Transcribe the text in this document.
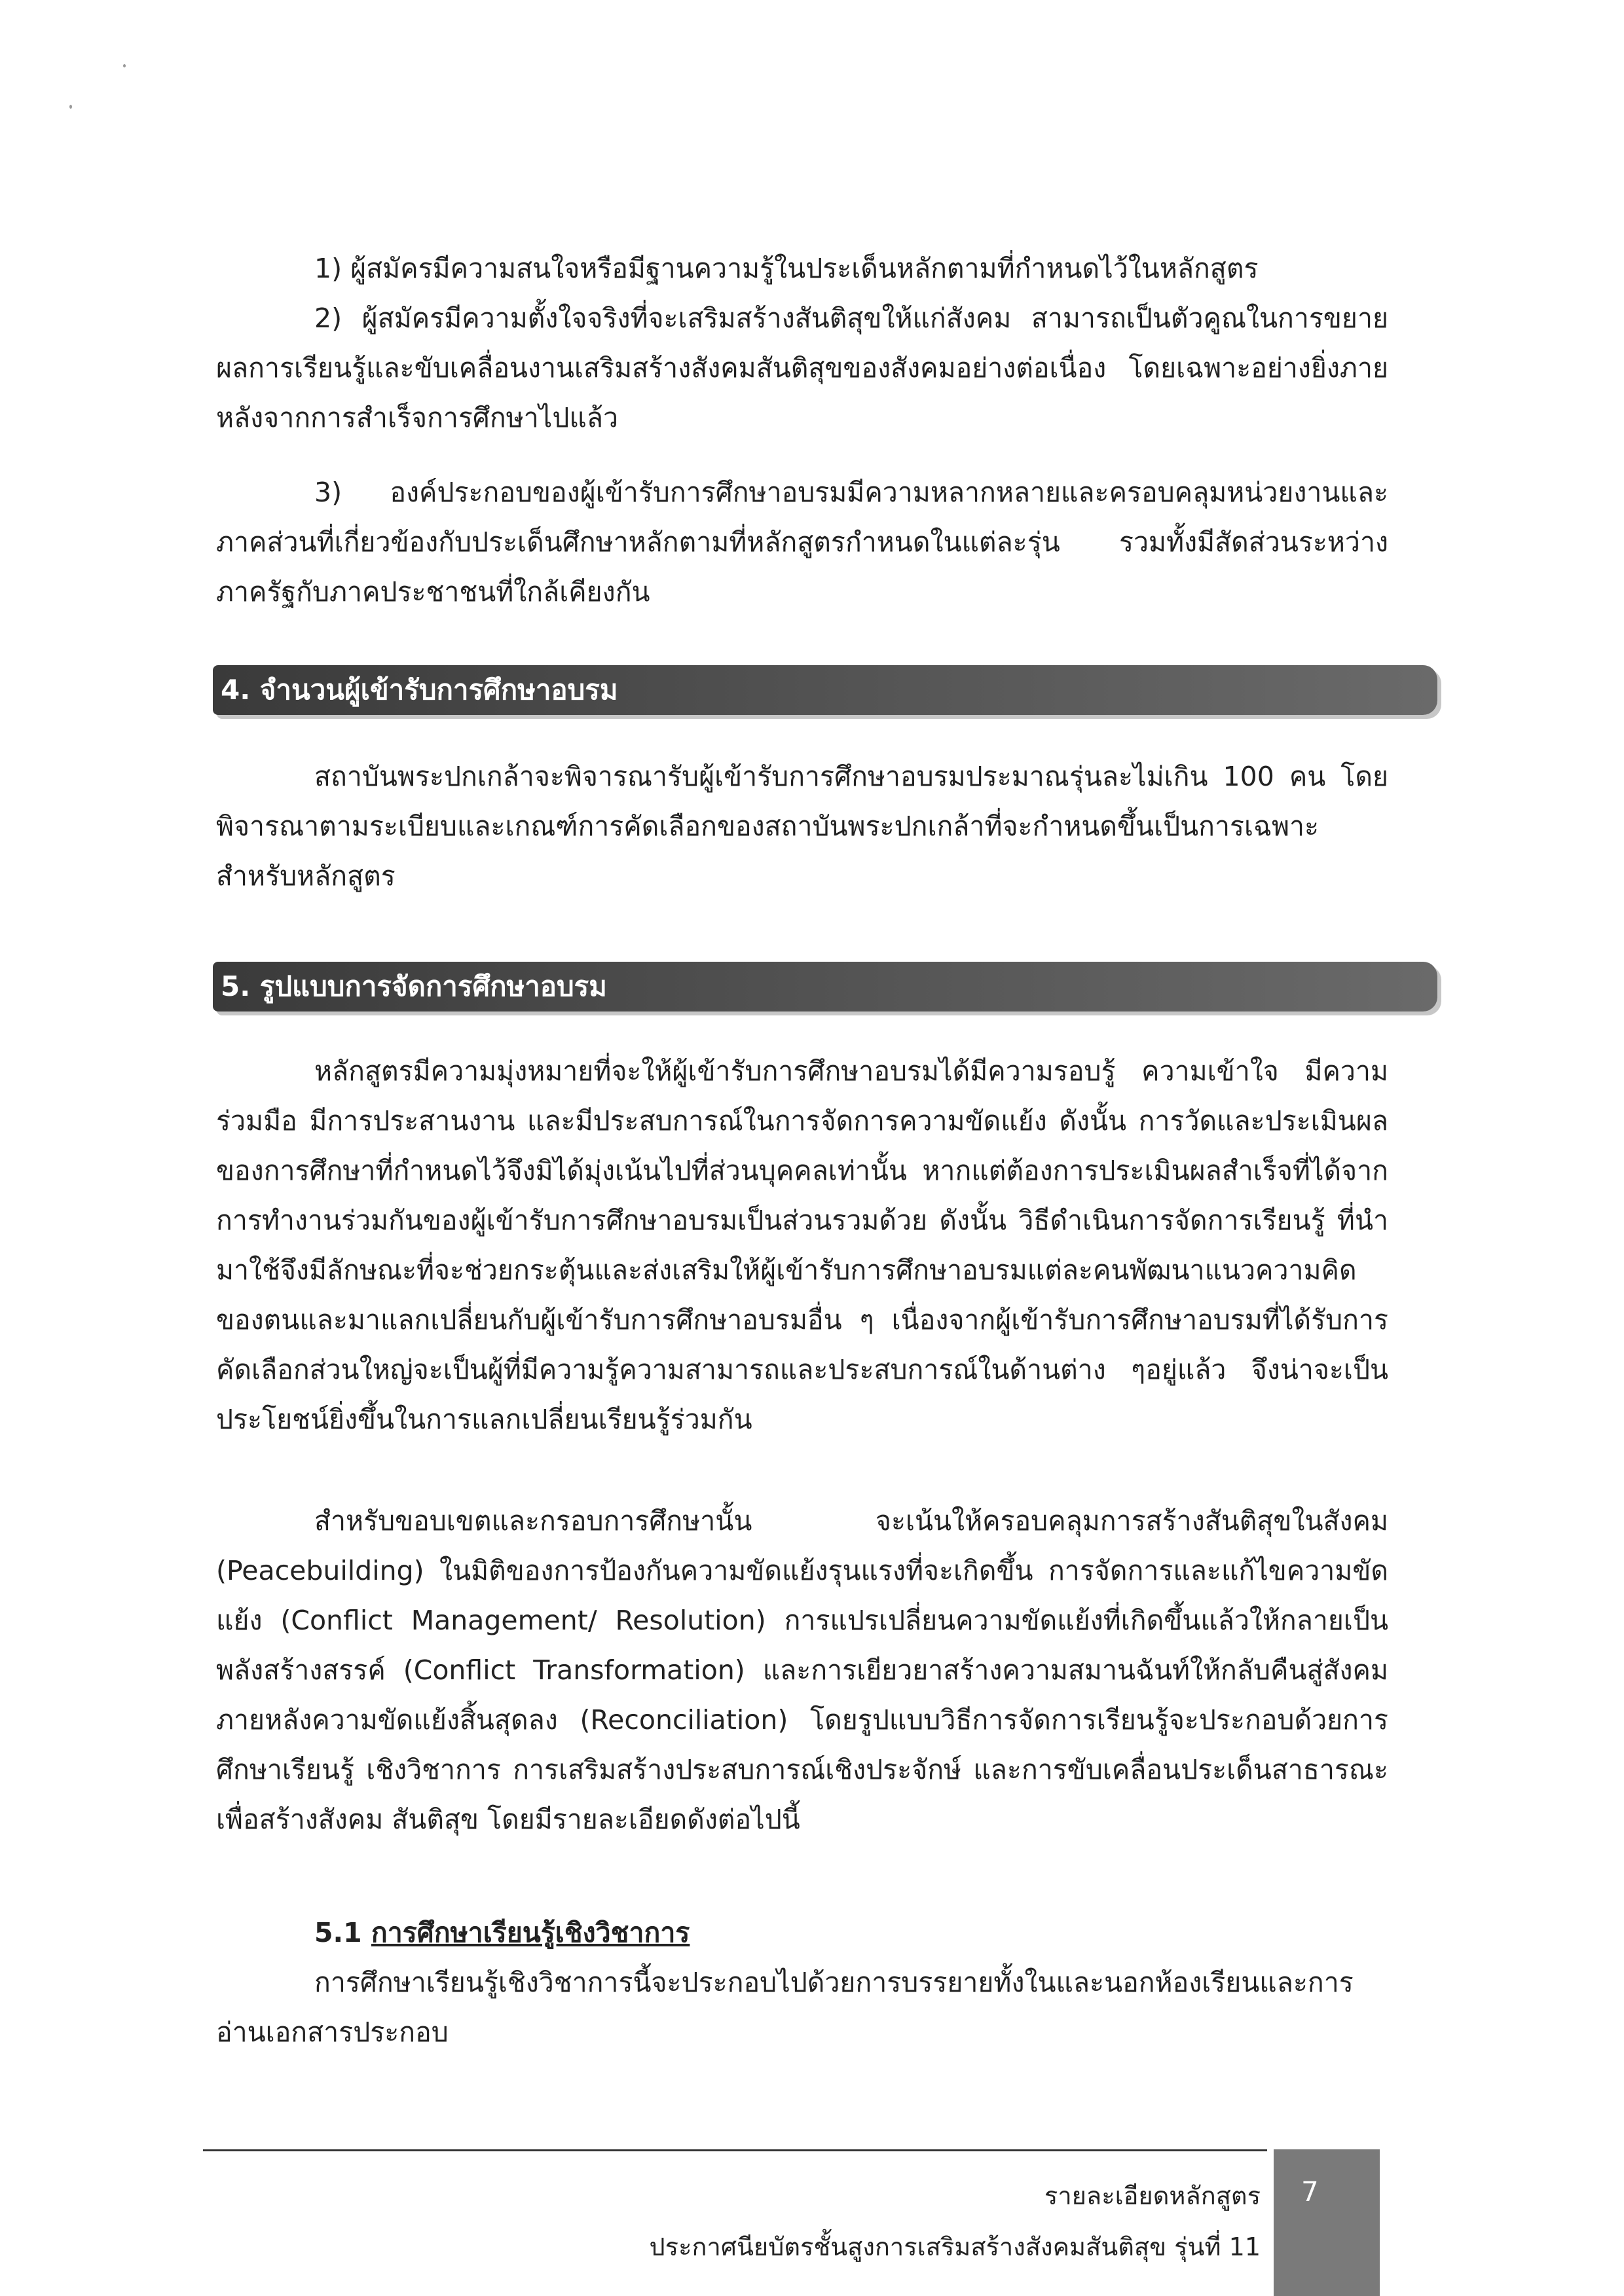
1) ผู้สมัครมีความสนใจหรือมีฐานความรู้ในประเด็นหลักตามที่กำหนดไว้ในหลักสูตร

2) ผู้สมัครมีความตั้งใจจริงที่จะเสริมสร้างสันติสุขให้แก่สังคม สามารถเป็นตัวคูณในการขยายผลการเรียนรู้และขับเคลื่อนงานเสริมสร้างสังคมสันติสุขของสังคมอย่างต่อเนื่อง โดยเฉพาะอย่างยิ่งภายหลังจากการสำเร็จการศึกษาไปแล้ว

3) องค์ประกอบของผู้เข้ารับการศึกษาอบรมมีความหลากหลายและครอบคลุมหน่วยงานและภาคส่วนที่เกี่ยวข้องกับประเด็นศึกษาหลักตามที่หลักสูตรกำหนดในแต่ละรุ่น รวมทั้งมีสัดส่วนระหว่างภาครัฐกับภาคประชาชนที่ใกล้เคียงกัน

4. จำนวนผู้เข้ารับการศึกษาอบรม

สถาบันพระปกเกล้าจะพิจารณารับผู้เข้ารับการศึกษาอบรมประมาณรุ่นละไม่เกิน 100 คน โดยพิจารณาตามระเบียบและเกณฑ์การคัดเลือกของสถาบันพระปกเกล้าที่จะกำหนดขึ้นเป็นการเฉพาะสำหรับหลักสูตร

5. รูปแบบการจัดการศึกษาอบรม

หลักสูตรมีความมุ่งหมายที่จะให้ผู้เข้ารับการศึกษาอบรมได้มีความรอบรู้ ความเข้าใจ มีความร่วมมือ มีการประสานงาน และมีประสบการณ์ในการจัดการความขัดแย้ง ดังนั้น การวัดและประเมินผลของการศึกษาที่กำหนดไว้จึงมิได้มุ่งเน้นไปที่ส่วนบุคคลเท่านั้น หากแต่ต้องการประเมินผลสำเร็จที่ได้จากการทำงานร่วมกันของผู้เข้ารับการศึกษาอบรมเป็นส่วนรวมด้วย ดังนั้น วิธีดำเนินการจัดการเรียนรู้ ที่นำมาใช้จึงมีลักษณะที่จะช่วยกระตุ้นและส่งเสริมให้ผู้เข้ารับการศึกษาอบรมแต่ละคนพัฒนาแนวความคิดของตนและมาแลกเปลี่ยนกับผู้เข้ารับการศึกษาอบรมอื่น ๆ เนื่องจากผู้เข้ารับการศึกษาอบรมที่ได้รับการคัดเลือกส่วนใหญ่จะเป็นผู้ที่มีความรู้ความสามารถและประสบการณ์ในด้านต่าง ๆอยู่แล้ว จึงน่าจะเป็นประโยชน์ยิ่งขึ้นในการแลกเปลี่ยนเรียนรู้ร่วมกัน

สำหรับขอบเขตและกรอบการศึกษานั้น จะเน้นให้ครอบคลุมการสร้างสันติสุขในสังคม (Peacebuilding) ในมิติของการป้องกันความขัดแย้งรุนแรงที่จะเกิดขึ้น การจัดการและแก้ไขความขัดแย้ง (Conflict Management/ Resolution) การแปรเปลี่ยนความขัดแย้งที่เกิดขึ้นแล้วให้กลายเป็นพลังสร้างสรรค์ (Conflict Transformation) และการเยียวยาสร้างความสมานฉันท์ให้กลับคืนสู่สังคมภายหลังความขัดแย้งสิ้นสุดลง (Reconciliation) โดยรูปแบบวิธีการจัดการเรียนรู้จะประกอบด้วยการศึกษาเรียนรู้ เชิงวิชาการ การเสริมสร้างประสบการณ์เชิงประจักษ์ และการขับเคลื่อนประเด็นสาธารณะเพื่อสร้างสังคม สันติสุข โดยมีรายละเอียดดังต่อไปนี้

5.1 การศึกษาเรียนรู้เชิงวิชาการ

การศึกษาเรียนรู้เชิงวิชาการนี้จะประกอบไปด้วยการบรรยายทั้งในและนอกห้องเรียนและการอ่านเอกสารประกอบ

รายละเอียดหลักสูตร
ประกาศนียบัตรชั้นสูงการเสริมสร้างสังคมสันติสุข รุ่นที่ 11
7
